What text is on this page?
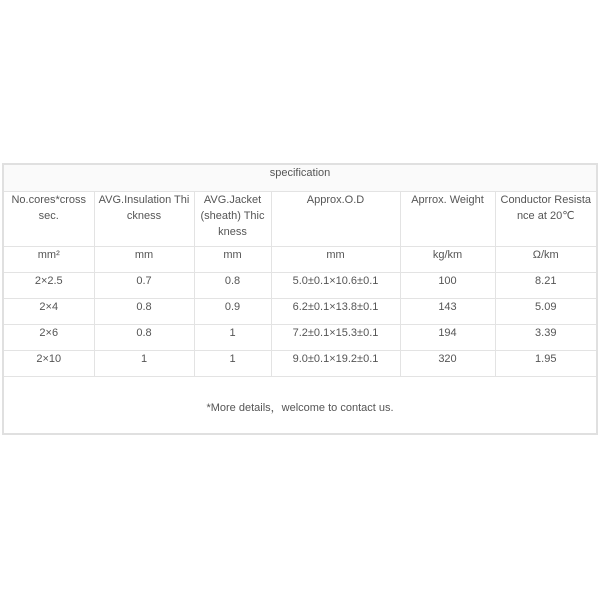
specification					
No.cores*cross sec.	AVG.Insulation Thickness	AVG.Jacket (sheath) Thickness	Approx.O.D	Aprrox. Weight	Conductor Resistance at 20℃
mm²	mm	mm	mm	kg/km	Ω/km
2×2.5	0.7	0.8	5.0±0.1×10.6±0.1	100	8.21
2×4	0.8	0.9	6.2±0.1×13.8±0.1	143	5.09
2×6	0.8	1	7.2±0.1×15.3±0.1	194	3.39
2×10	1	1	9.0±0.1×19.2±0.1	320	1.95
*More details，welcome to contact us.
